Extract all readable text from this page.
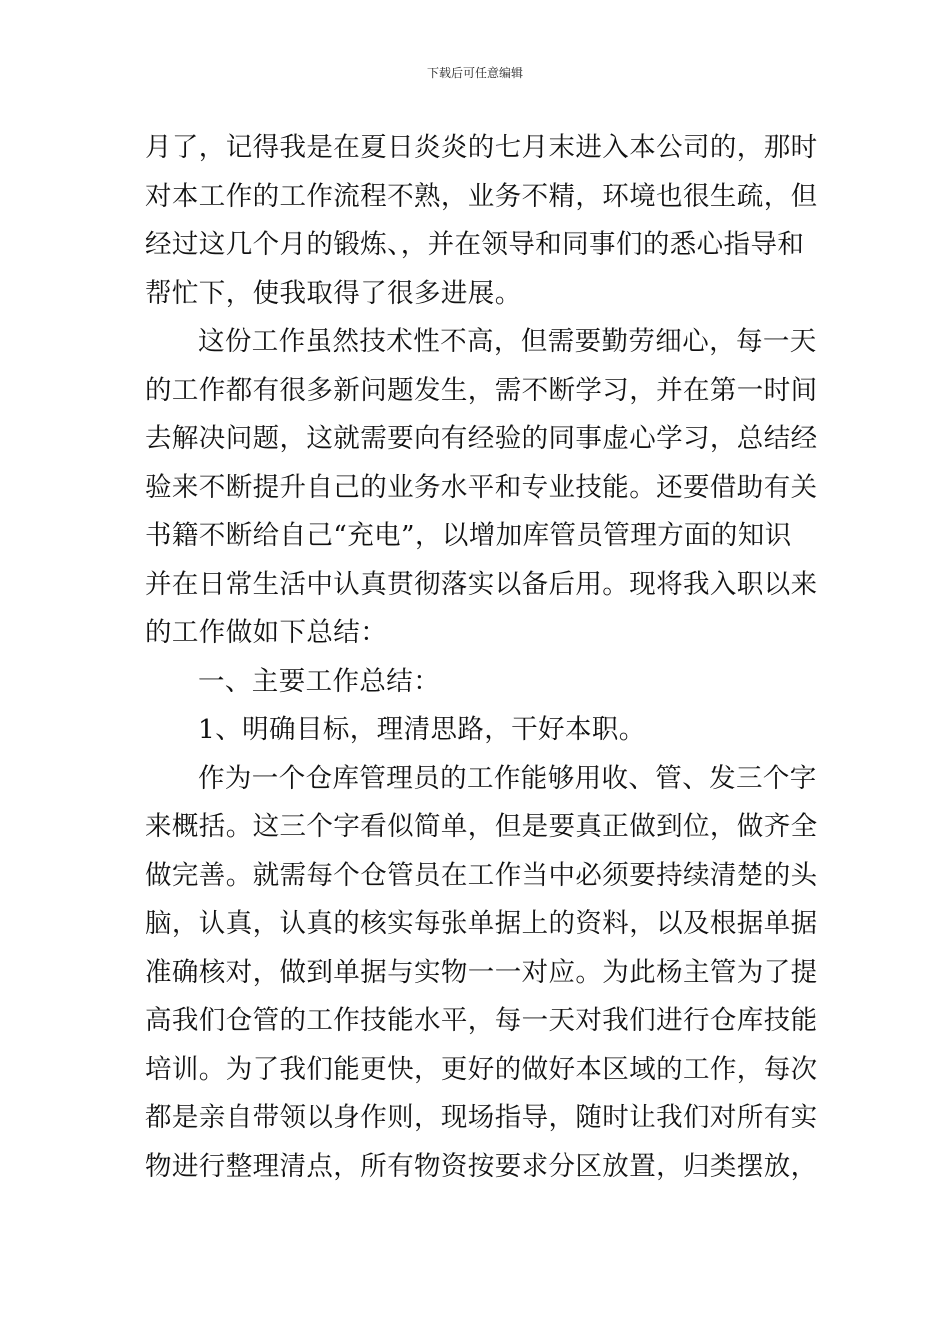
下载后可任意编辑
月了，记得我是在夏日炎炎的七月末进入本公司的，那时
对本工作的工作流程不熟，业务不精，环境也很生疏，但
经过这几个月的锻炼、，并在领导和同事们的悉心指导和
帮忙下，使我取得了很多进展。
这份工作虽然技术性不高，但需要勤劳细心，每一天
的工作都有很多新问题发生，需不断学习，并在第一时间
去解决问题，这就需要向有经验的同事虚心学习，总结经
验来不断提升自己的业务水平和专业技能。还要借助有关
书籍不断给自己“充电”，以增加库管员管理方面的知识
并在日常生活中认真贯彻落实以备后用。现将我入职以来
的工作做如下总结：
一、主要工作总结：
1、明确目标，理清思路，干好本职。
作为一个仓库管理员的工作能够用收、管、发三个字
来概括。这三个字看似简单，但是要真正做到位，做齐全
做完善。就需每个仓管员在工作当中必须要持续清楚的头
脑，认真，认真的核实每张单据上的资料，以及根据单据
准确核对，做到单据与实物一一对应。为此杨主管为了提
高我们仓管的工作技能水平，每一天对我们进行仓库技能
培训。为了我们能更快，更好的做好本区域的工作，每次
都是亲自带领以身作则，现场指导，随时让我们对所有实
物进行整理清点，所有物资按要求分区放置，归类摆放，
